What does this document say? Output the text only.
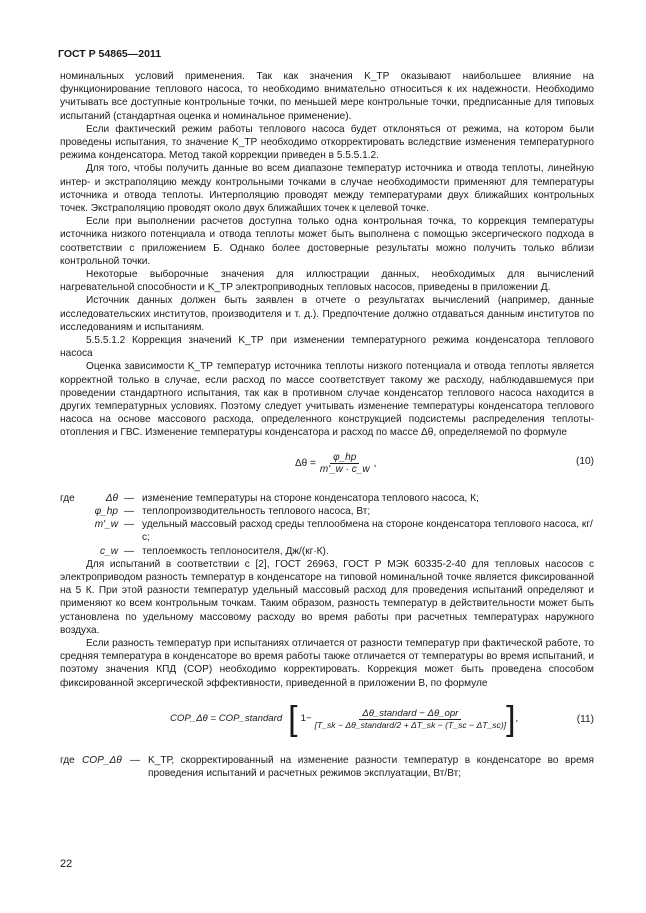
ГОСТ Р 54865—2011

номинальных условий применения. Так как значения K_ТР оказывают наибольшее влияние на функционирование теплового насоса, то необходимо внимательно относиться к их надежности. Необходимо учитывать все доступные контрольные точки, по меньшей мере контрольные точки, предписанные для типовых испытаний (стандартная оценка и номинальное применение).

Если фактический режим работы теплового насоса будет отклоняться от режима, на котором были проведены испытания, то значение K_ТР необходимо откорректировать вследствие изменения температурного режима конденсатора. Метод такой коррекции приведен в 5.5.5.1.2.

Для того, чтобы получить данные во всем диапазоне температур источника и отвода теплоты, линейную интер- и экстраполяцию между контрольными точками в случае необходимости применяют для температуры источника и отвода теплоты. Интерполяцию проводят между температурами двух ближайших контрольных точек. Экстраполяцию проводят около двух ближайших точек к целевой точке.

Если при выполнении расчетов доступна только одна контрольная точка, то коррекция температуры источника низкого потенциала и отвода теплоты может быть выполнена с помощью эксергического подхода в соответствии с приложением Б. Однако более достоверные результаты можно получить только вблизи контрольной точки.

Некоторые выборочные значения для иллюстрации данных, необходимых для вычислений нагревательной способности и K_ТР электроприводных тепловых насосов, приведены в приложении Д.

Источник данных должен быть заявлен в отчете о результатах вычислений (например, данные исследовательских институтов, производителя и т. д.). Предпочтение должно отдаваться данным институтов по исследованиям и испытаниям.

5.5.5.1.2 Коррекция значений K_ТР при изменении температурного режима конденсатора теплового насоса

Оценка зависимости K_ТР температур источника теплоты низкого потенциала и отвода теплоты является корректной только в случае, если расход по массе соответствует такому же расходу, наблюдавшемуся при проведении стандартного испытания, так как в противном случае конденсатор теплового насоса находится в других температурных условиях. Поэтому следует учитывать изменение температуры конденсатора теплового насоса на основе массового расхода, определенного конструкцией подсистемы распределения теплоты-отопления и ГВС. Изменение температуры конденсатора и расход по массе Δθ, определяемой по формуле

$\Delta\theta = \frac{\varphi\_hp}{m'\_w \cdot c\_w}$ ,	(10)
где	Δθ — изменение температуры на стороне конденсатора теплового насоса, К;
φ_hp — теплопроизводительность теплового насоса, Вт;
m'_w — удельный массовый расход среды теплообмена на стороне конденсатора теплового насоса, кг/с;
c_w — теплоемкость теплоносителя, Дж/(кг·К).

Для испытаний в соответствии с [2], ГОСТ 26963, ГОСТ Р МЭК 60335-2-40 для тепловых насосов с электроприводом разность температур в конденсаторе на типовой номинальной точке является фиксированной на 5 К. При этой разности температур удельный массовый расход для проведения испытаний определяют и применяют ко всем контрольным точкам. Таким образом, разность температур в действительности может быть установлена по удельному массовому расходу во время работы при расчетных температурах наружного воздуха.

Если разность температур при испытаниях отличается от разности температур при фактической работе, то средняя температура в конденсаторе во время работы также отличается от температуры во время испытаний, и поэтому значения КПД (COP) необходимо корректировать. Коррекция может быть проведена способом фиксированной эксергической эффективности, приведенной в приложении В, по формуле

COP_Δθ = COP_standard [ $1- \frac{\text{Δθ\_standard − Δθ\_opr}}{\text{[T\_sk − Δθ\_standard/2 + ΔT\_sk − (T\_sc − ΔT\_sc)]}}$ ] ,	(11)
где COP_Δθ — K_ТР, скорректированный на изменение разности температур в конденсаторе во время проведения испытаний и расчетных режимов эксплуатации, Вт/Вт;
22
